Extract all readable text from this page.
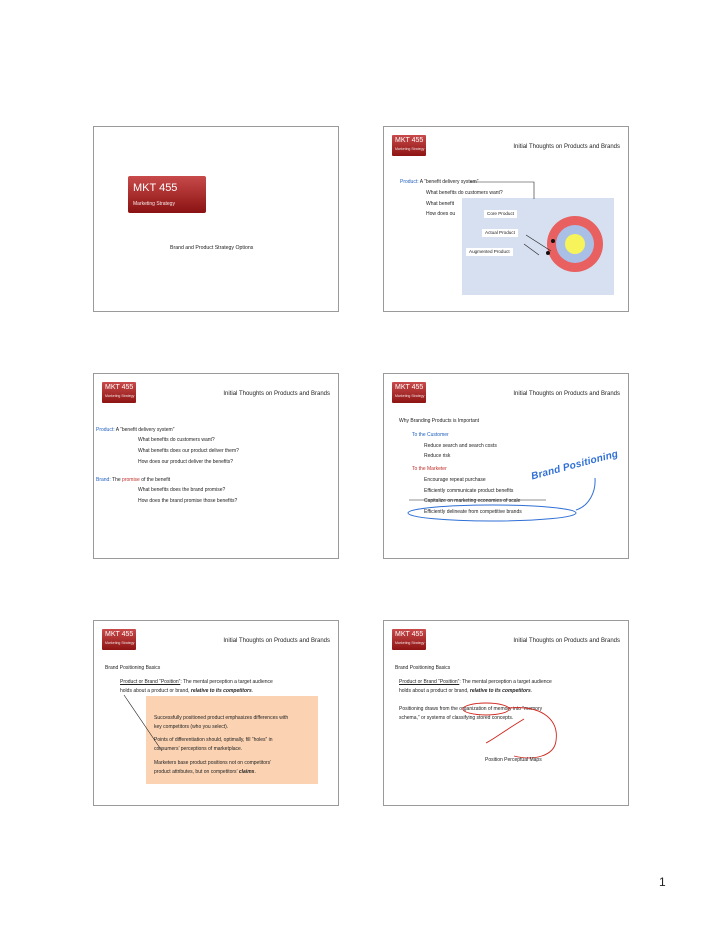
MKT 455
Marketing Strategy
Brand and Product Strategy Options
MKT 455
Marketing Strategy	Initial Thoughts on Products and Brands
Product: A “benefit delivery system”
What benefits do customers want?
What benefit
How does ou	Core Product
Actual Product
Augmented Product
MKT 455
Marketing Strategy	Initial Thoughts on Products and Brands
Product: A “benefit delivery system”
What benefits do customers want?
What benefits does our product deliver them?
How does our product deliver the benefits?
Brand: The promise of the benefit
What benefits does the brand promise?
How does the brand promise those benefits?
MKT 455
Marketing Strategy	Initial Thoughts on Products and Brands
Why Branding Products is Important
To the Customer
Reduce search and search costs
Reduce risk
To the Marketer
Encourage repeat purchase
Efficiently communicate product benefits
Capitalize on marketing economies of scale
Efficiently delineate from competitive brands
Brand Positioning
MKT 455
Marketing Strategy	Initial Thoughts on Products and Brands
Brand Positioning Basics
Product or Brand “Position”: The mental perception a target audience
holds about a product or brand, relative to its competitors.
Successfully positioned product emphasizes differences with
key competitors (who you select).
Points of differentiation should, optimally, fill “holes” in
consumers’ perceptions of marketplace.
Marketers base product positions not on competitors’
product attributes, but on competitors’ claims.
MKT 455
Marketing Strategy	Initial Thoughts on Products and Brands
Brand Positioning Basics
Product or Brand “Position”: The mental perception a target audience
holds about a product or brand, relative to its competitors.
Positioning draws from the organization of memory into “memory
schema,” or systems of classifying stored concepts.
Position Perceptual Maps
1
